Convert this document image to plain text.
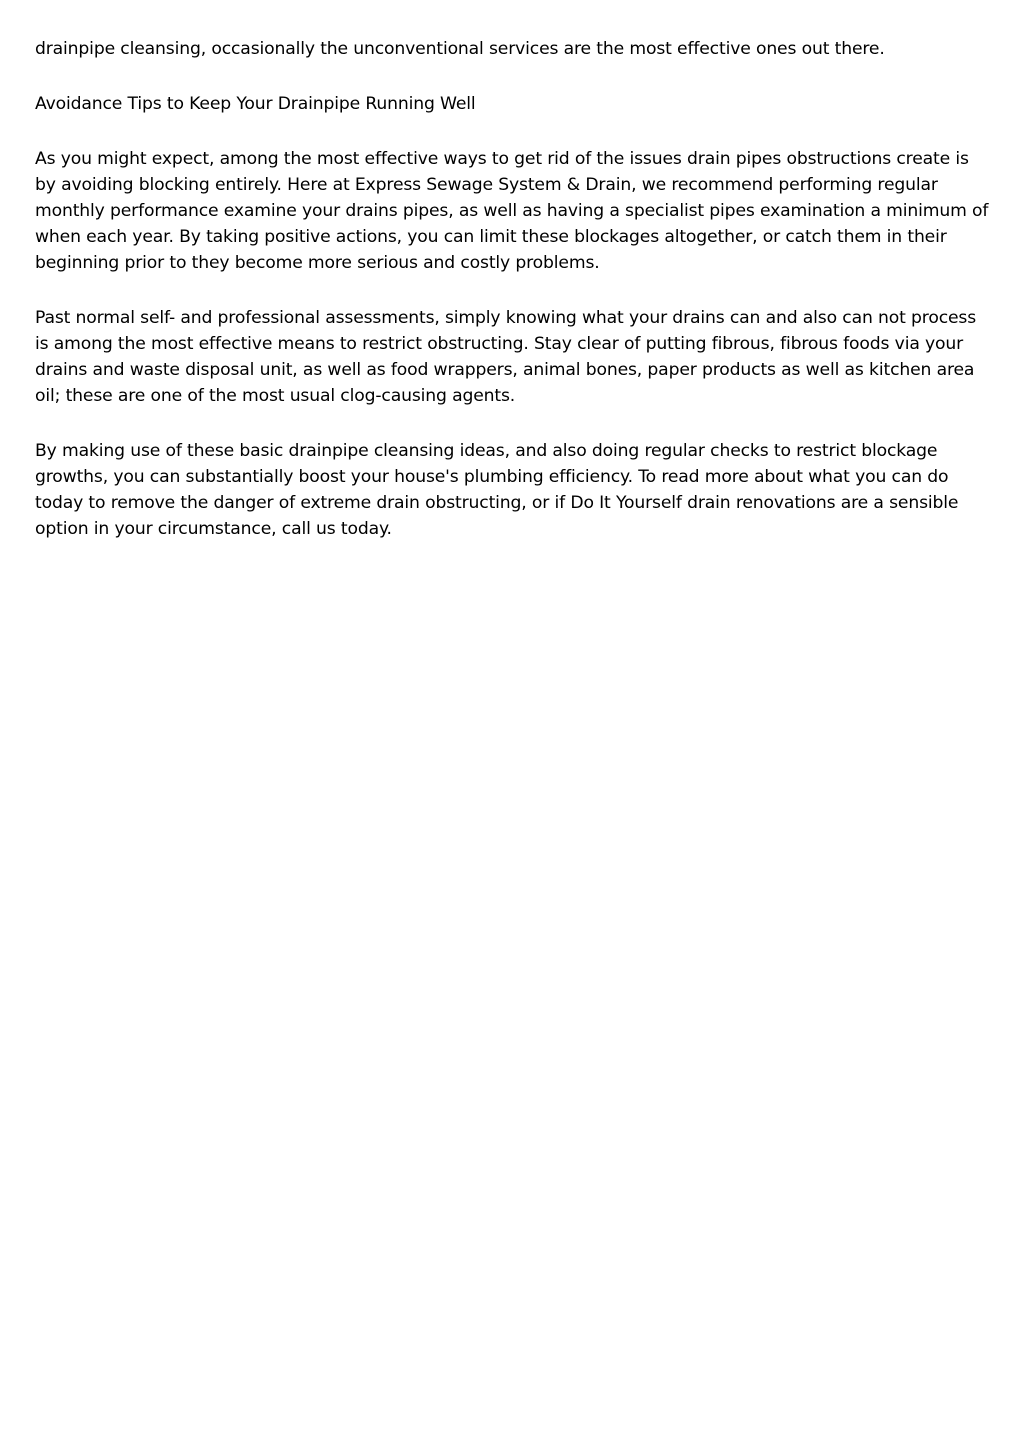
drainpipe cleansing, occasionally the unconventional services are the most effective ones out there.

Avoidance Tips to Keep Your Drainpipe Running Well

As you might expect, among the most effective ways to get rid of the issues drain pipes obstructions create is by avoiding blocking entirely. Here at Express Sewage System & Drain, we recommend performing regular monthly performance examine your drains pipes, as well as having a specialist pipes examination a minimum of when each year. By taking positive actions, you can limit these blockages altogether, or catch them in their beginning prior to they become more serious and costly problems.

Past normal self- and professional assessments, simply knowing what your drains can and also can not process is among the most effective means to restrict obstructing. Stay clear of putting fibrous, fibrous foods via your drains and waste disposal unit, as well as food wrappers, animal bones, paper products as well as kitchen area oil; these are one of the most usual clog-causing agents.

By making use of these basic drainpipe cleansing ideas, and also doing regular checks to restrict blockage growths, you can substantially boost your house's plumbing efficiency. To read more about what you can do today to remove the danger of extreme drain obstructing, or if Do It Yourself drain renovations are a sensible option in your circumstance, call us today.
